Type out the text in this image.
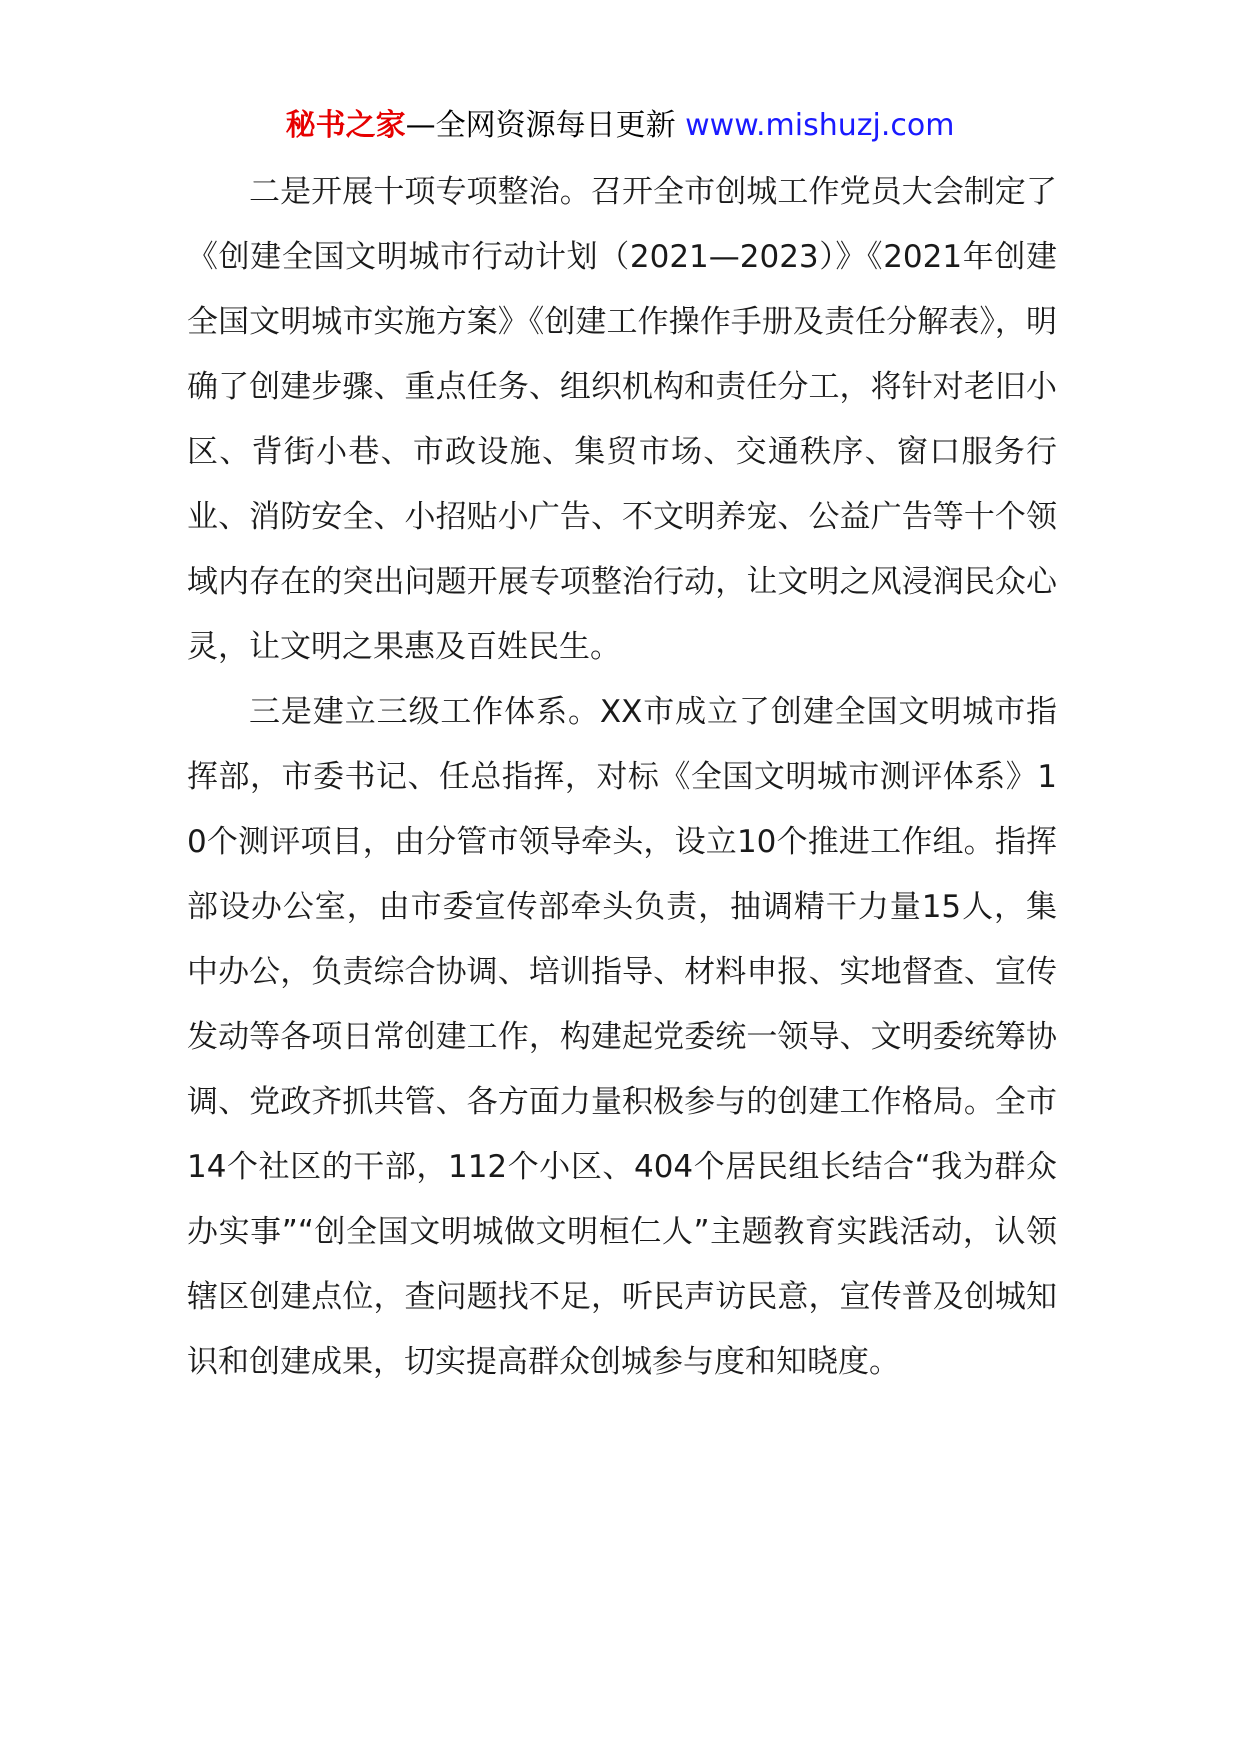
秘书之家—全网资源每日更新 www.mishuzj.com

二是开展十项专项整治。召开全市创城工作党员大会制定了《创建全国文明城市行动计划（2021—2023）》《2021年创建全国文明城市实施方案》《创建工作操作手册及责任分解表》，明确了创建步骤、重点任务、组织机构和责任分工，将针对老旧小区、背街小巷、市政设施、集贸市场、交通秩序、窗口服务行业、消防安全、小招贴小广告、不文明养宠、公益广告等十个领域内存在的突出问题开展专项整治行动，让文明之风浸润民众心灵，让文明之果惠及百姓民生。

三是建立三级工作体系。XX市成立了创建全国文明城市指挥部，市委书记、任总指挥，对标《全国文明城市测评体系》10个测评项目，由分管市领导牵头，设立10个推进工作组。指挥部设办公室，由市委宣传部牵头负责，抽调精干力量15人，集中办公，负责综合协调、培训指导、材料申报、实地督查、宣传发动等各项日常创建工作，构建起党委统一领导、文明委统筹协调、党政齐抓共管、各方面力量积极参与的创建工作格局。全市14个社区的干部，112个小区、404个居民组长结合“我为群众办实事”“创全国文明城做文明桓仁人”主题教育实践活动，认领辖区创建点位，查问题找不足，听民声访民意，宣传普及创城知识和创建成果，切实提高群众创城参与度和知晓度。
